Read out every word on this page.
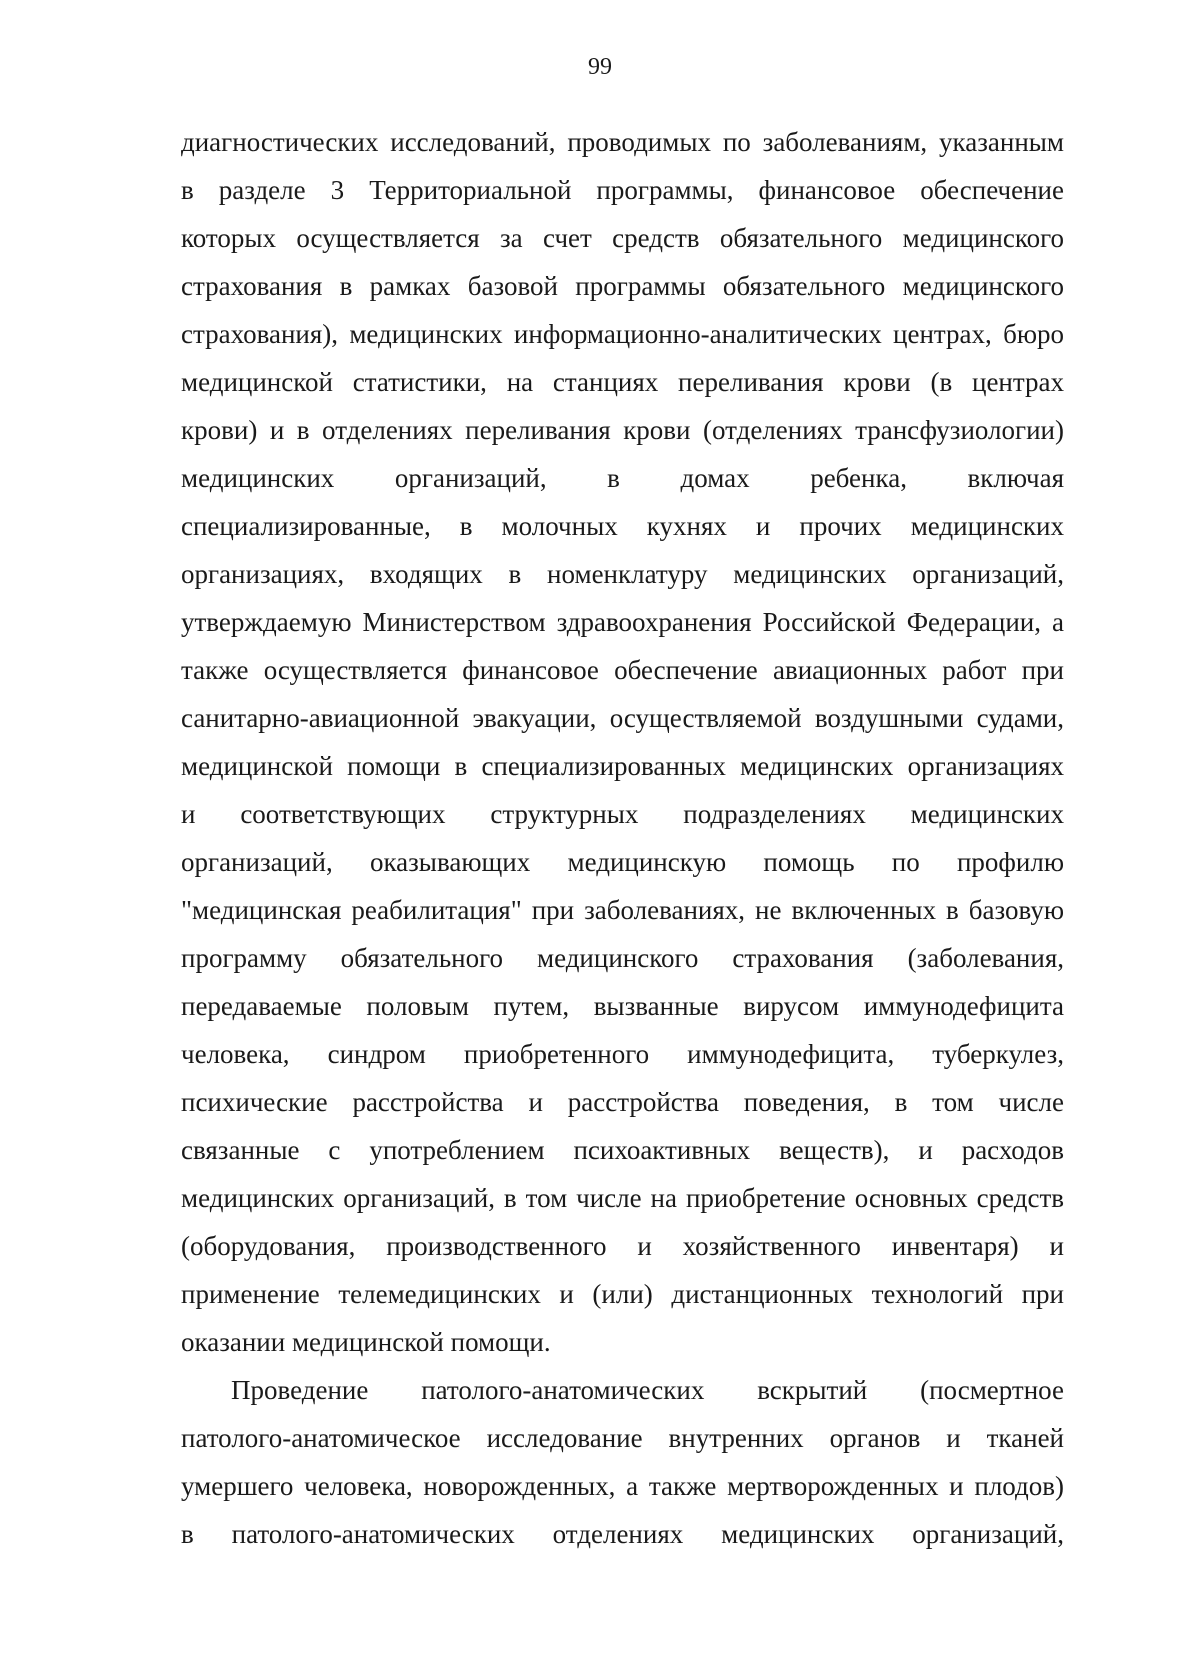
99
диагностических исследований, проводимых по заболеваниям, указанным
в разделе 3 Территориальной программы, финансовое обеспечение
которых осуществляется за счет средств обязательного медицинского
страхования в рамках базовой программы обязательного медицинского
страхования), медицинских информационно-аналитических центрах, бюро
медицинской статистики, на станциях переливания крови (в центрах
крови) и в отделениях переливания крови (отделениях трансфузиологии)
медицинских организаций, в домах ребенка, включая
специализированные, в молочных кухнях и прочих медицинских
организациях, входящих в номенклатуру медицинских организаций,
утверждаемую Министерством здравоохранения Российской Федерации, а
также осуществляется финансовое обеспечение авиационных работ при
санитарно-авиационной эвакуации, осуществляемой воздушными судами,
медицинской помощи в специализированных медицинских организациях
и соответствующих структурных подразделениях медицинских
организаций, оказывающих медицинскую помощь по профилю
"медицинская реабилитация" при заболеваниях, не включенных в базовую
программу обязательного медицинского страхования (заболевания,
передаваемые половым путем, вызванные вирусом иммунодефицита
человека, синдром приобретенного иммунодефицита, туберкулез,
психические расстройства и расстройства поведения, в том числе
связанные с употреблением психоактивных веществ), и расходов
медицинских организаций, в том числе на приобретение основных средств
(оборудования, производственного и хозяйственного инвентаря) и
применение телемедицинских и (или) дистанционных технологий при
оказании медицинской помощи.
Проведение патолого-анатомических вскрытий (посмертное
патолого-анатомическое исследование внутренних органов и тканей
умершего человека, новорожденных, а также мертворожденных и плодов)
в патолого-анатомических отделениях медицинских организаций,
